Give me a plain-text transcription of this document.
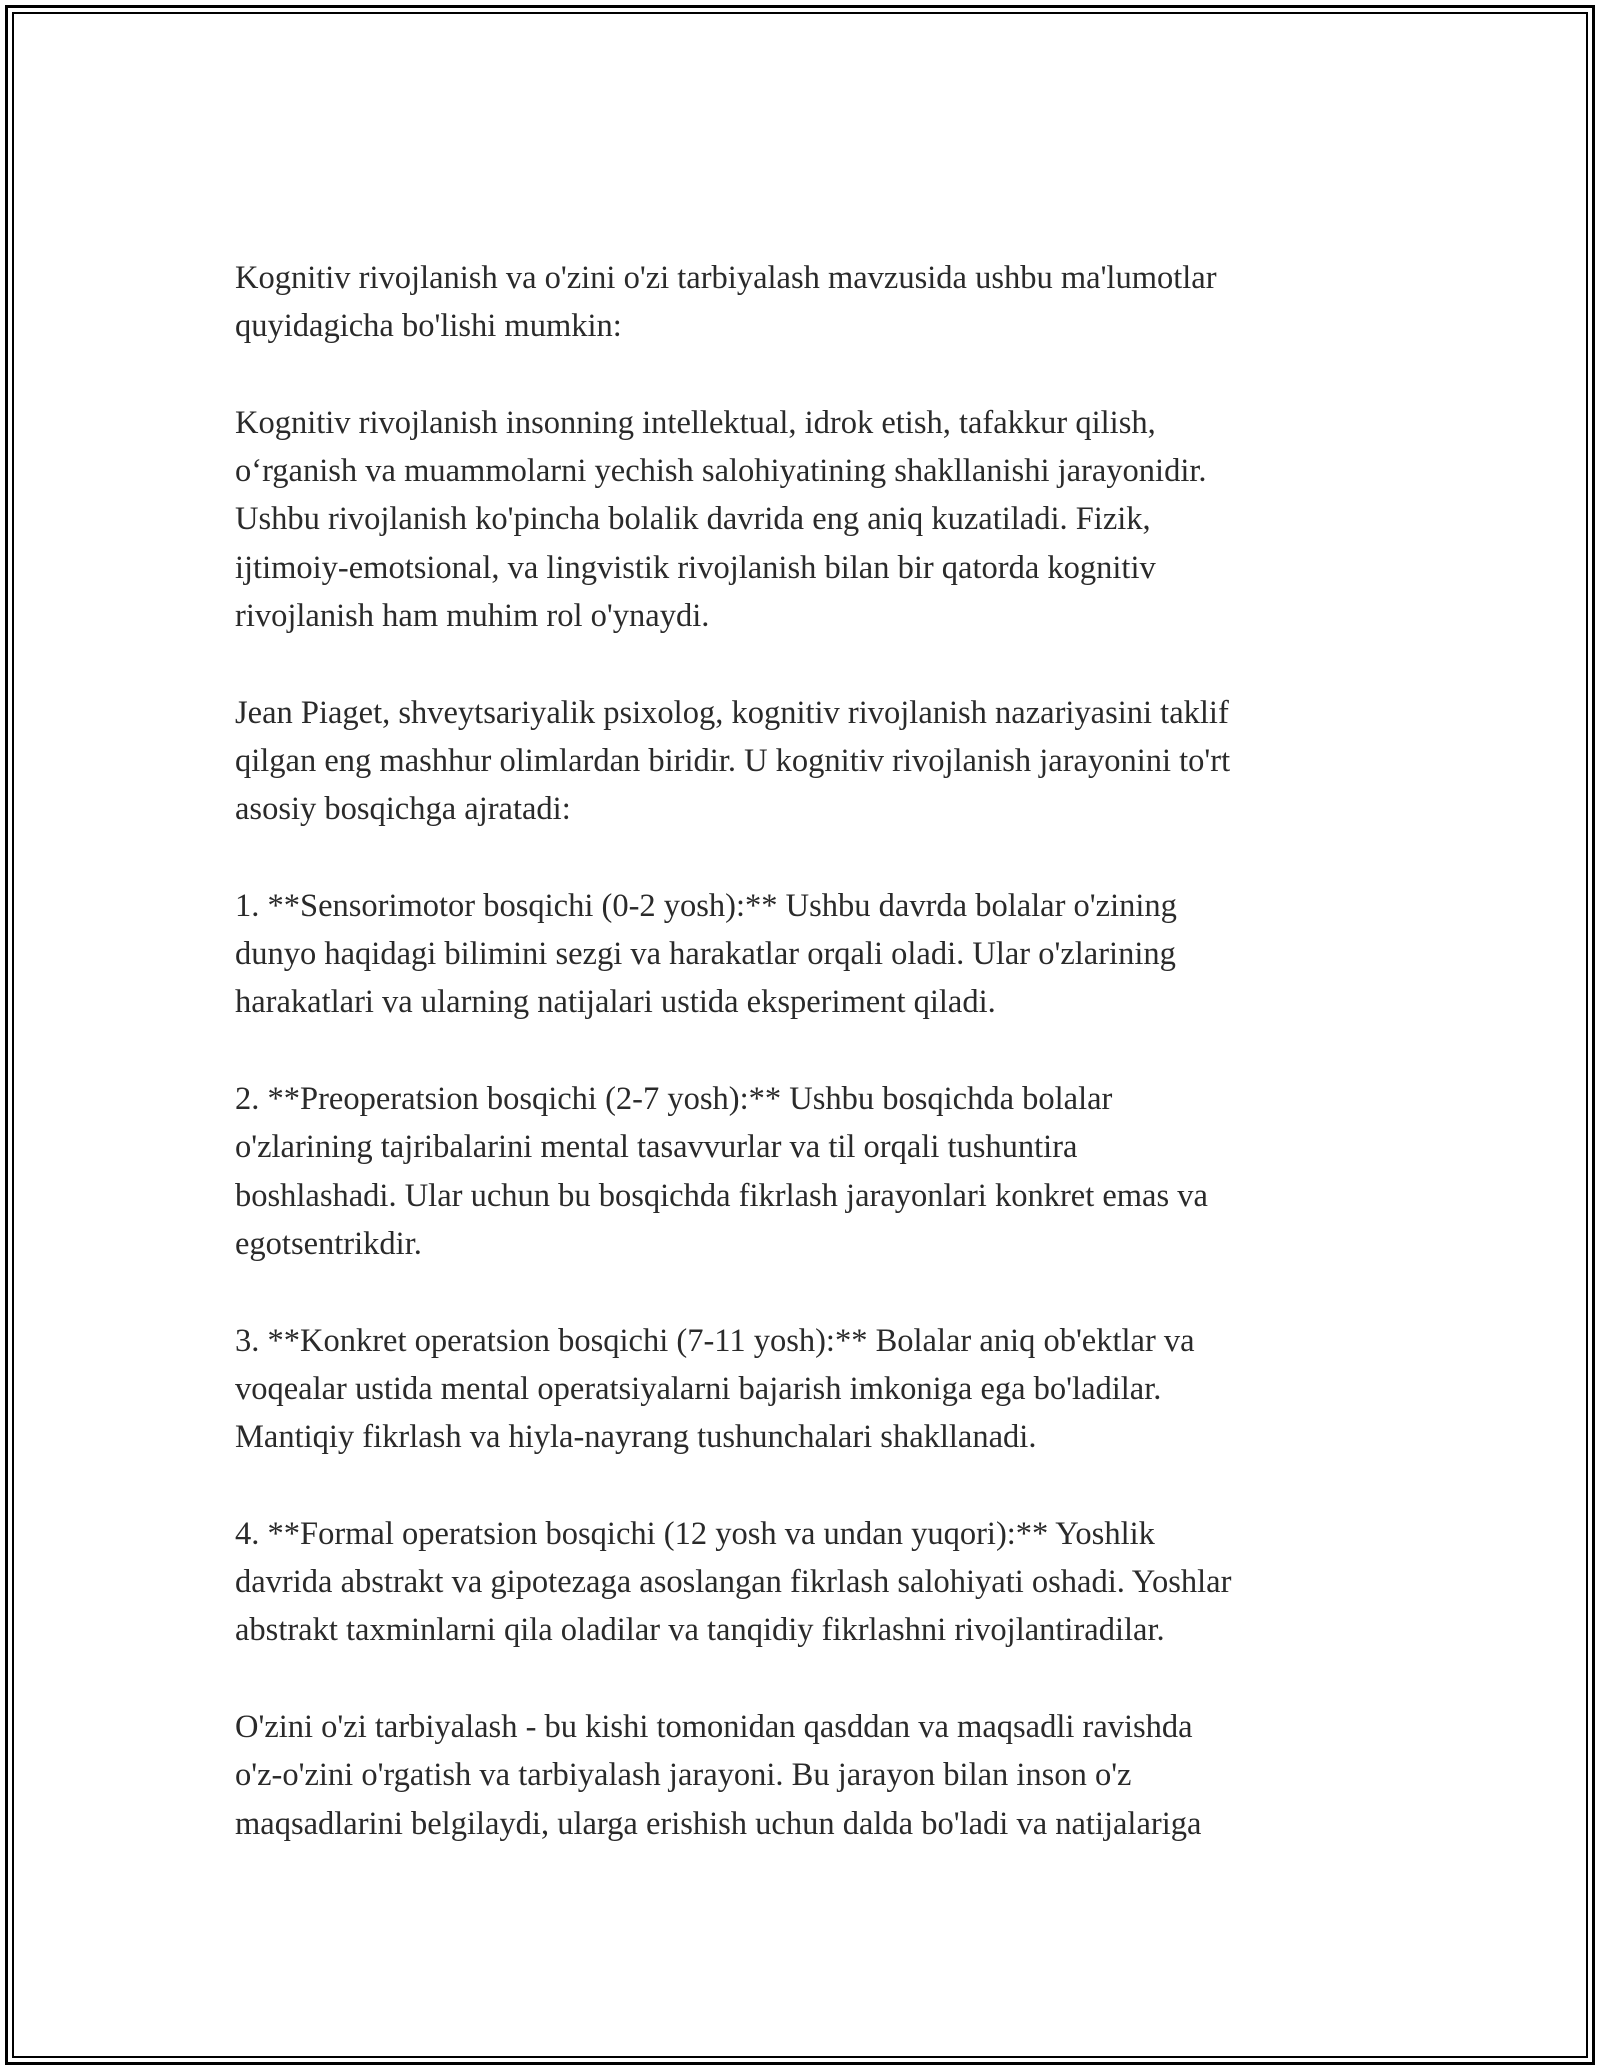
Kognitiv rivojlanish va o'zini o'zi tarbiyalash mavzusida ushbu ma'lumotlar
quyidagicha bo'lishi mumkin:

Kognitiv rivojlanish insonning intellektual, idrok etish, tafakkur qilish,
o‘rganish va muammolarni yechish salohiyatining shakllanishi jarayonidir.
Ushbu rivojlanish ko'pincha bolalik davrida eng aniq kuzatiladi. Fizik,
ijtimoiy-emotsional, va lingvistik rivojlanish bilan bir qatorda kognitiv
rivojlanish ham muhim rol o'ynaydi.

Jean Piaget, shveytsariyalik psixolog, kognitiv rivojlanish nazariyasini taklif
qilgan eng mashhur olimlardan biridir. U kognitiv rivojlanish jarayonini to'rt
asosiy bosqichga ajratadi:

1. **Sensorimotor bosqichi (0-2 yosh):** Ushbu davrda bolalar o'zining
dunyo haqidagi bilimini sezgi va harakatlar orqali oladi. Ular o'zlarining
harakatlari va ularning natijalari ustida eksperiment qiladi.

2. **Preoperatsion bosqichi (2-7 yosh):** Ushbu bosqichda bolalar
o'zlarining tajribalarini mental tasavvurlar va til orqali tushuntira
boshlashadi. Ular uchun bu bosqichda fikrlash jarayonlari konkret emas va
egotsentrikdir.

3. **Konkret operatsion bosqichi (7-11 yosh):** Bolalar aniq ob'ektlar va
voqealar ustida mental operatsiyalarni bajarish imkoniga ega bo'ladilar.
Mantiqiy fikrlash va hiyla-nayrang tushunchalari shakllanadi.

4. **Formal operatsion bosqichi (12 yosh va undan yuqori):** Yoshlik
davrida abstrakt va gipotezaga asoslangan fikrlash salohiyati oshadi. Yoshlar
abstrakt taxminlarni qila oladilar va tanqidiy fikrlashni rivojlantiradilar.

O'zini o'zi tarbiyalash - bu kishi tomonidan qasddan va maqsadli ravishda
o'z-o'zini o'rgatish va tarbiyalash jarayoni. Bu jarayon bilan inson o'z
maqsadlarini belgilaydi, ularga erishish uchun dalda bo'ladi va natijalariga
